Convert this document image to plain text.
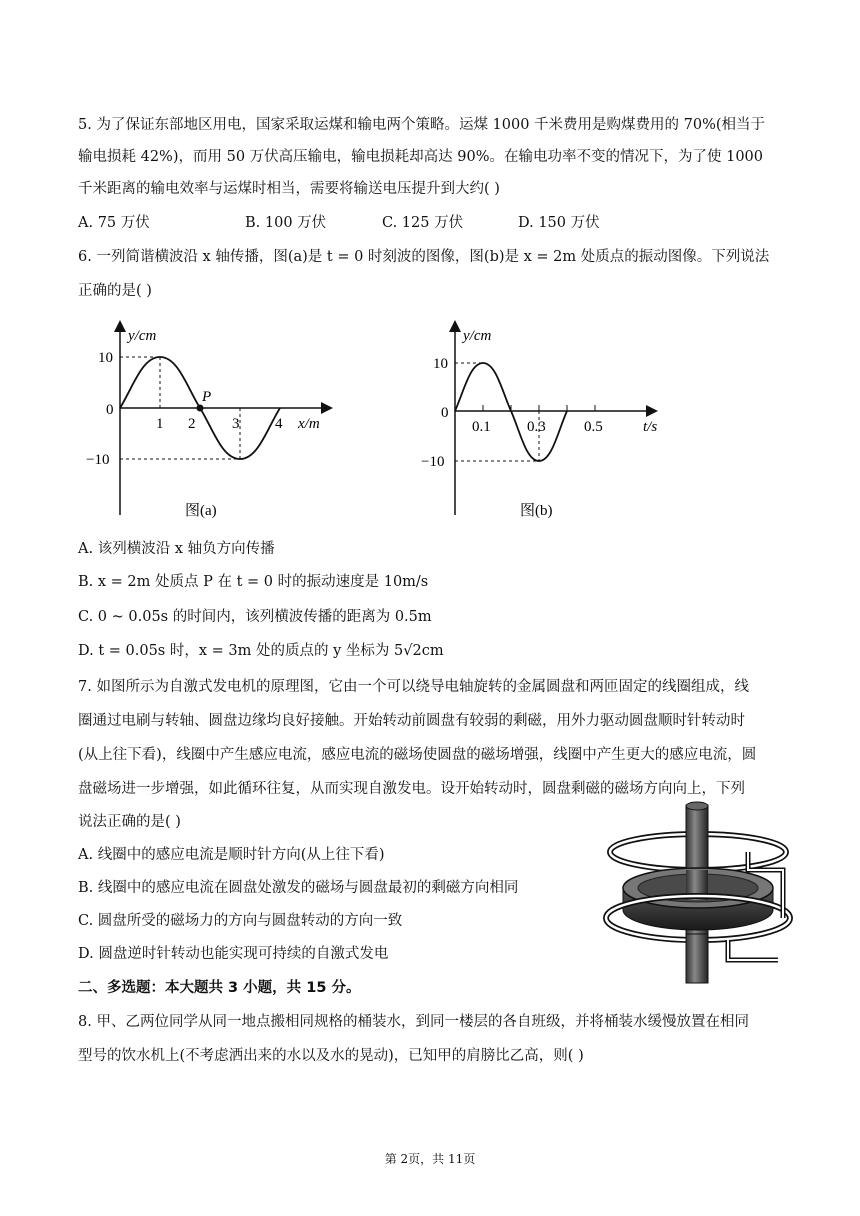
5. 为了保证东部地区用电，国家采取运煤和输电两个策略。运煤 1000 千米费用是购煤费用的 70%(相当于
输电损耗 42%)，而用 50 万伏高压输电，输电损耗却高达 90%。在输电功率不变的情况下，为了使 1000
千米距离的输电效率与运煤时相当，需要将输送电压提升到大约( )
A. 75 万伏	B. 100 万伏	C. 125 万伏	D. 150 万伏
6. 一列简谐横波沿 x 轴传播，图(a)是 t = 0 时刻波的图像，图(b)是 x = 2m 处质点的振动图像。下列说法
正确的是( )
y/cm
10
0
−10
1 2 3 4
P
x/m
图(a)
y/cm
10
0
−10
0.1 0.3	0.5	t/s
图(b)
A. 该列横波沿 x 轴负方向传播
B. x = 2m 处质点 P 在 t = 0 时的振动速度是 10m/s
C. 0 ~ 0.05s 的时间内，该列横波传播的距离为 0.5m
D. t = 0.05s 时，x = 3m 处的质点的 y 坐标为 5√2cm
7. 如图所示为自激式发电机的原理图，它由一个可以绕导电轴旋转的金属圆盘和两匝固定的线圈组成，线
圈通过电刷与转轴、圆盘边缘均良好接触。开始转动前圆盘有较弱的剩磁，用外力驱动圆盘顺时针转动时
(从上往下看)，线圈中产生感应电流，感应电流的磁场使圆盘的磁场增强，线圈中产生更大的感应电流，圆
盘磁场进一步增强，如此循环往复，从而实现自激发电。设开始转动时，圆盘剩磁的磁场方向向上，下列
说法正确的是( )
A. 线圈中的感应电流是顺时针方向(从上往下看)
B. 线圈中的感应电流在圆盘处激发的磁场与圆盘最初的剩磁方向相同
C. 圆盘所受的磁场力的方向与圆盘转动的方向一致
D. 圆盘逆时针转动也能实现可持续的自激式发电
二、多选题：本大题共 3 小题，共 15 分。
8. 甲、乙两位同学从同一地点搬相同规格的桶装水，到同一楼层的各自班级，并将桶装水缓慢放置在相同
型号的饮水机上(不考虑洒出来的水以及水的晃动)，已知甲的肩膀比乙高，则( )
第 2页，共 11页
